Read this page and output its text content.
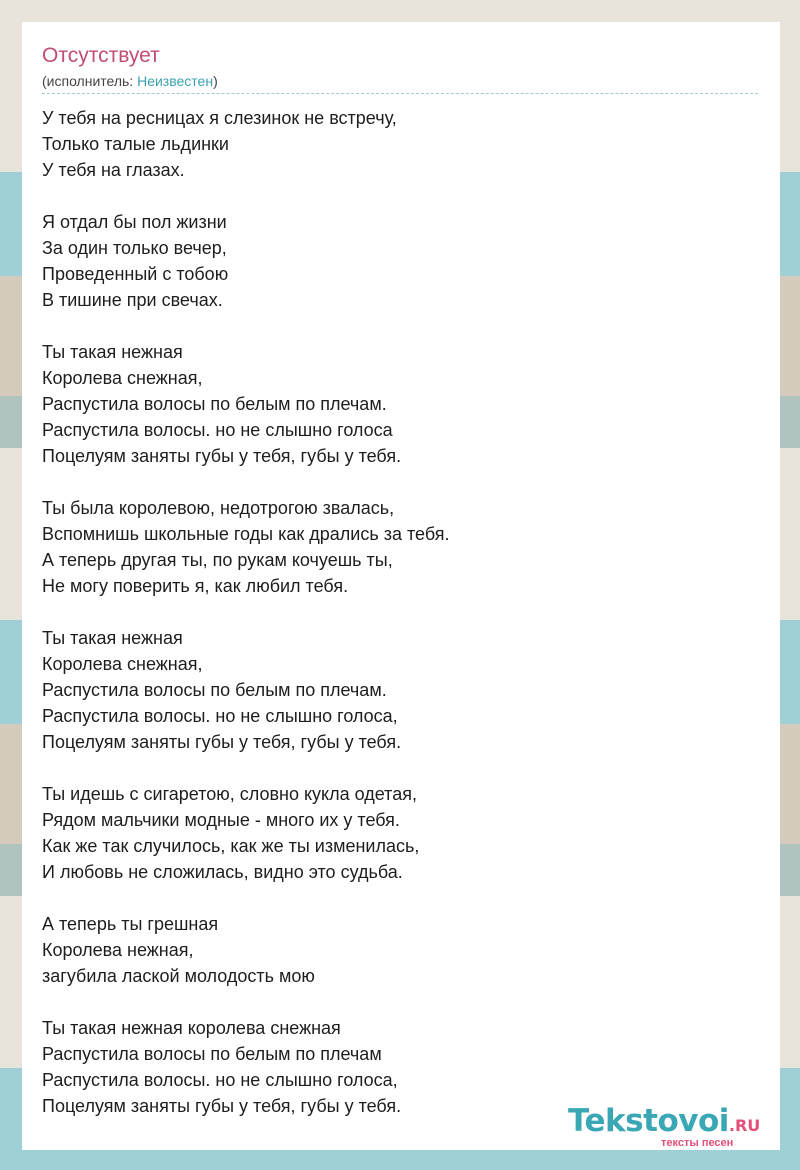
Отсутствует
(исполнитель: Неизвестен)
У тебя на ресницах я слезинок не встречу,
Только талые льдинки
У тебя на глазах.
Я отдал бы пол жизни
За один только вечер,
Проведенный с тобою
В тишине при свечах.
Ты такая нежная
Королева снежная,
Распустила волосы по белым по плечам.
Распустила волосы. но не слышно голоса
Поцелуям заняты губы у тебя, губы у тебя.
Ты была королевою, недотрогою звалась,
Вспомнишь школьные годы как дрались за тебя.
А теперь другая ты, по рукам кочуешь ты,
Не могу поверить я, как любил тебя.
Ты такая нежная
Королева снежная,
Распустила волосы по белым по плечам.
Распустила волосы. но не слышно голоса,
Поцелуям заняты губы у тебя, губы у тебя.
Ты идешь с сигаретою, словно кукла одетая,
Рядом мальчики модные - много их у тебя.
Как же так случилось, как же ты изменилась,
И любовь не сложилась, видно это судьба.
А теперь ты грешная
Королева нежная,
загубила лаской молодость мою
Ты такая нежная королева снежная
Распустила волосы по белым по плечам
Распустила волосы. но не слышно голоса,
Поцелуям заняты губы у тебя, губы у тебя.	Tekstovoi.RU
тексты песен
